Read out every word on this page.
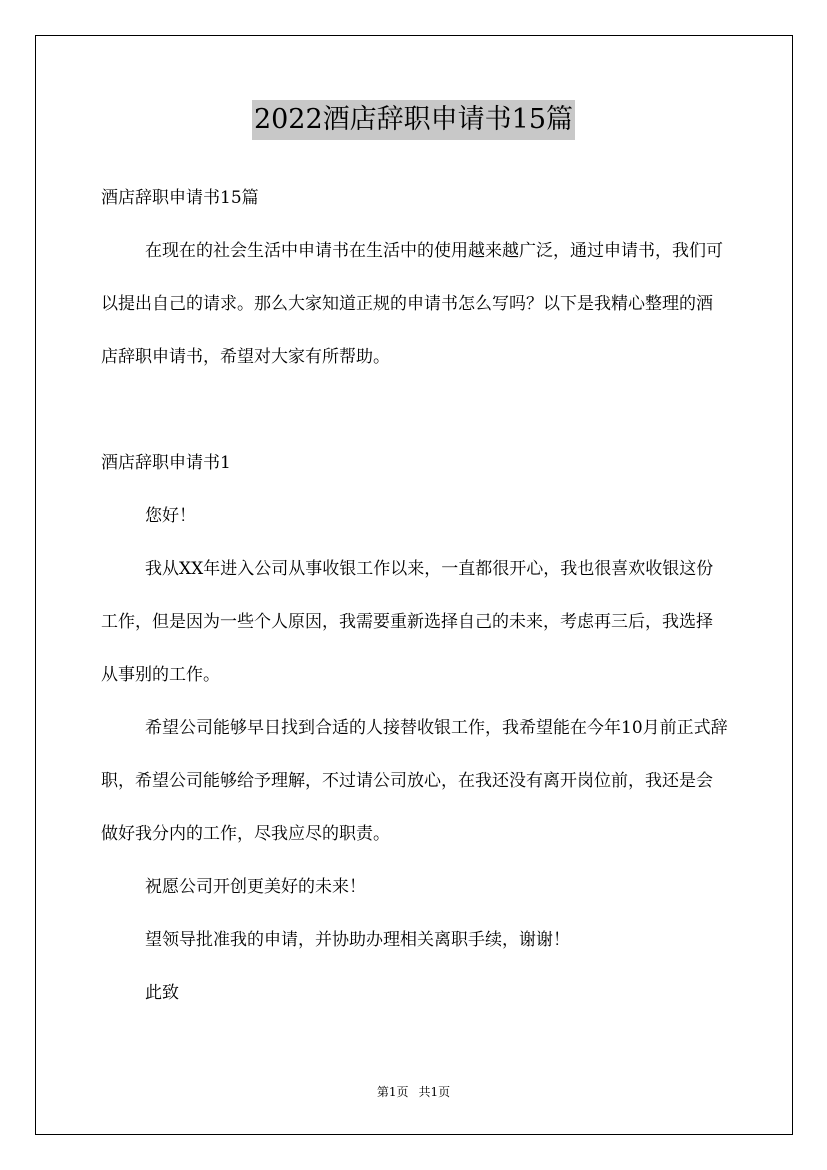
2022酒店辞职申请书15篇

酒店辞职申请书15篇

在现在的社会生活中申请书在生活中的使用越来越广泛，通过申请书，我们可以提出自己的请求。那么大家知道正规的申请书怎么写吗？以下是我精心整理的酒店辞职申请书，希望对大家有所帮助。

酒店辞职申请书1

您好！

我从XX年进入公司从事收银工作以来，一直都很开心，我也很喜欢收银这份工作，但是因为一些个人原因，我需要重新选择自己的未来，考虑再三后，我选择从事别的工作。

希望公司能够早日找到合适的人接替收银工作，我希望能在今年10月前正式辞职，希望公司能够给予理解，不过请公司放心，在我还没有离开岗位前，我还是会做好我分内的工作，尽我应尽的职责。

祝愿公司开创更美好的未来！

望领导批准我的申请，并协助办理相关离职手续，谢谢！

此致

第1页 共1页
